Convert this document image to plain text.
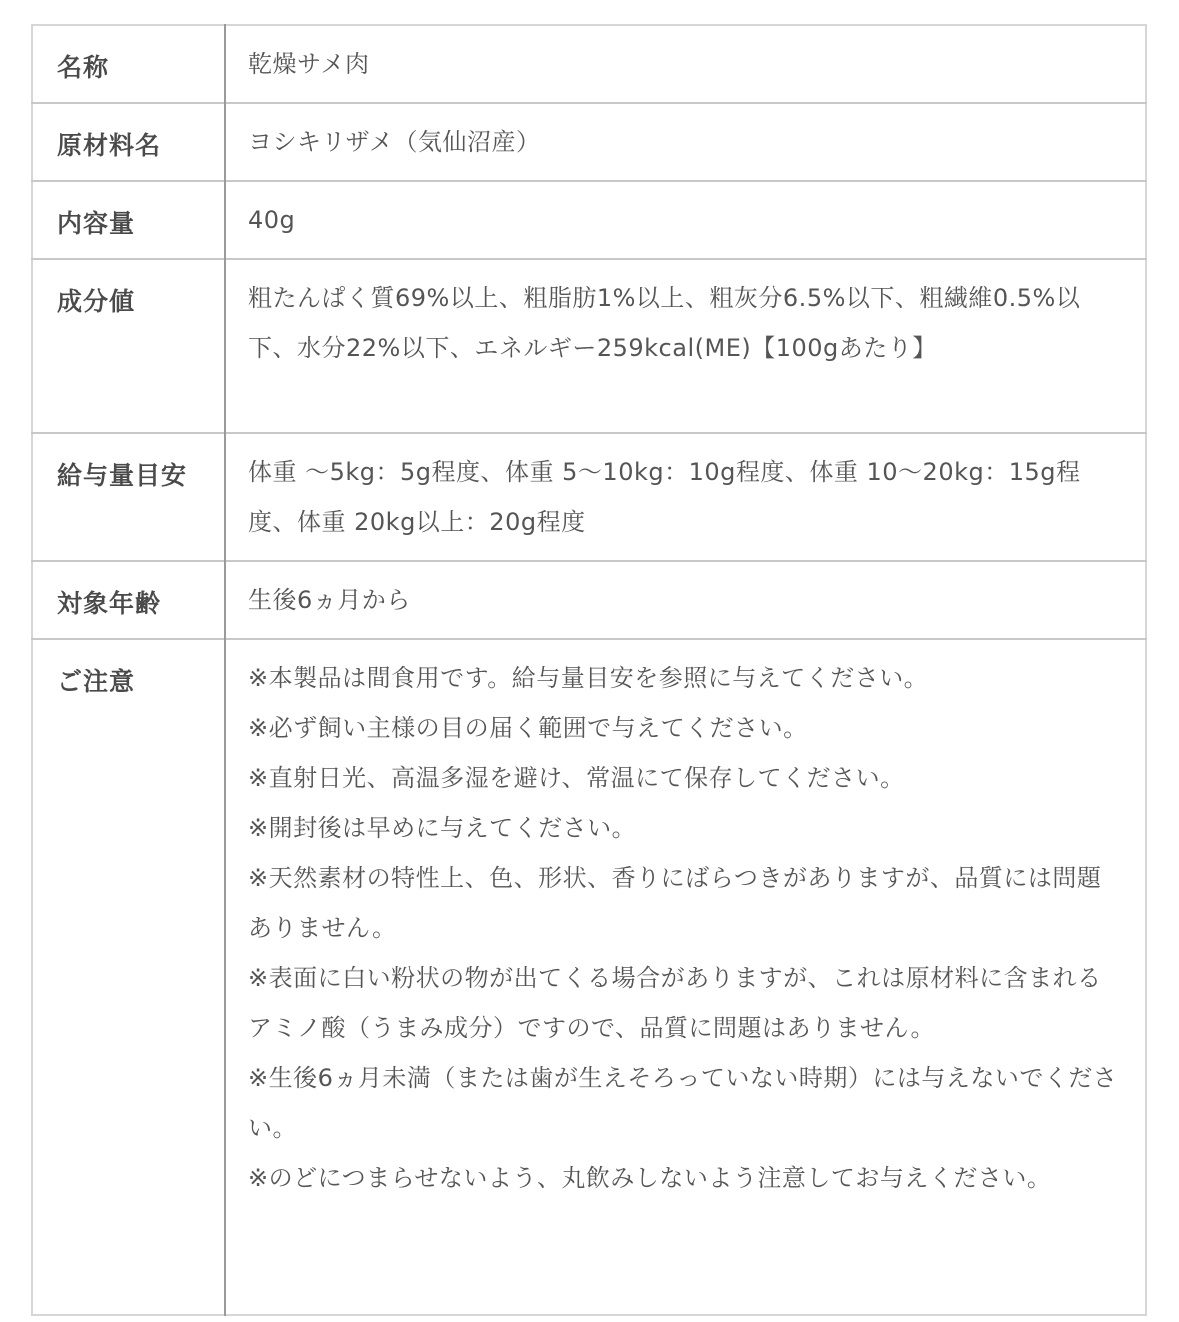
名称	乾燥サメ肉
原材料名	ヨシキリザメ（気仙沼産）
内容量	40g
成分値	粗たんぱく質69%以上、粗脂肪1%以上、粗灰分6.5%以下、粗繊維0.5%以下、水分22%以下、エネルギー259kcal(ME)【100gあたり】
給与量目安	体重 〜5kg：5g程度、体重 5〜10kg：10g程度、体重 10〜20kg：15g程度、体重 20kg以上：20g程度
対象年齢	生後6ヵ月から
ご注意	※本製品は間食用です。給与量目安を参照に与えてください。
※必ず飼い主様の目の届く範囲で与えてください。
※直射日光、高温多湿を避け、常温にて保存してください。
※開封後は早めに与えてください。
※天然素材の特性上、色、形状、香りにばらつきがありますが、品質には問題ありません。
※表面に白い粉状の物が出てくる場合がありますが、これは原材料に含まれるアミノ酸（うまみ成分）ですので、品質に問題はありません。
※生後6ヵ月未満（または歯が生えそろっていない時期）には与えないでください。
※のどにつまらせないよう、丸飲みしないよう注意してお与えください。
